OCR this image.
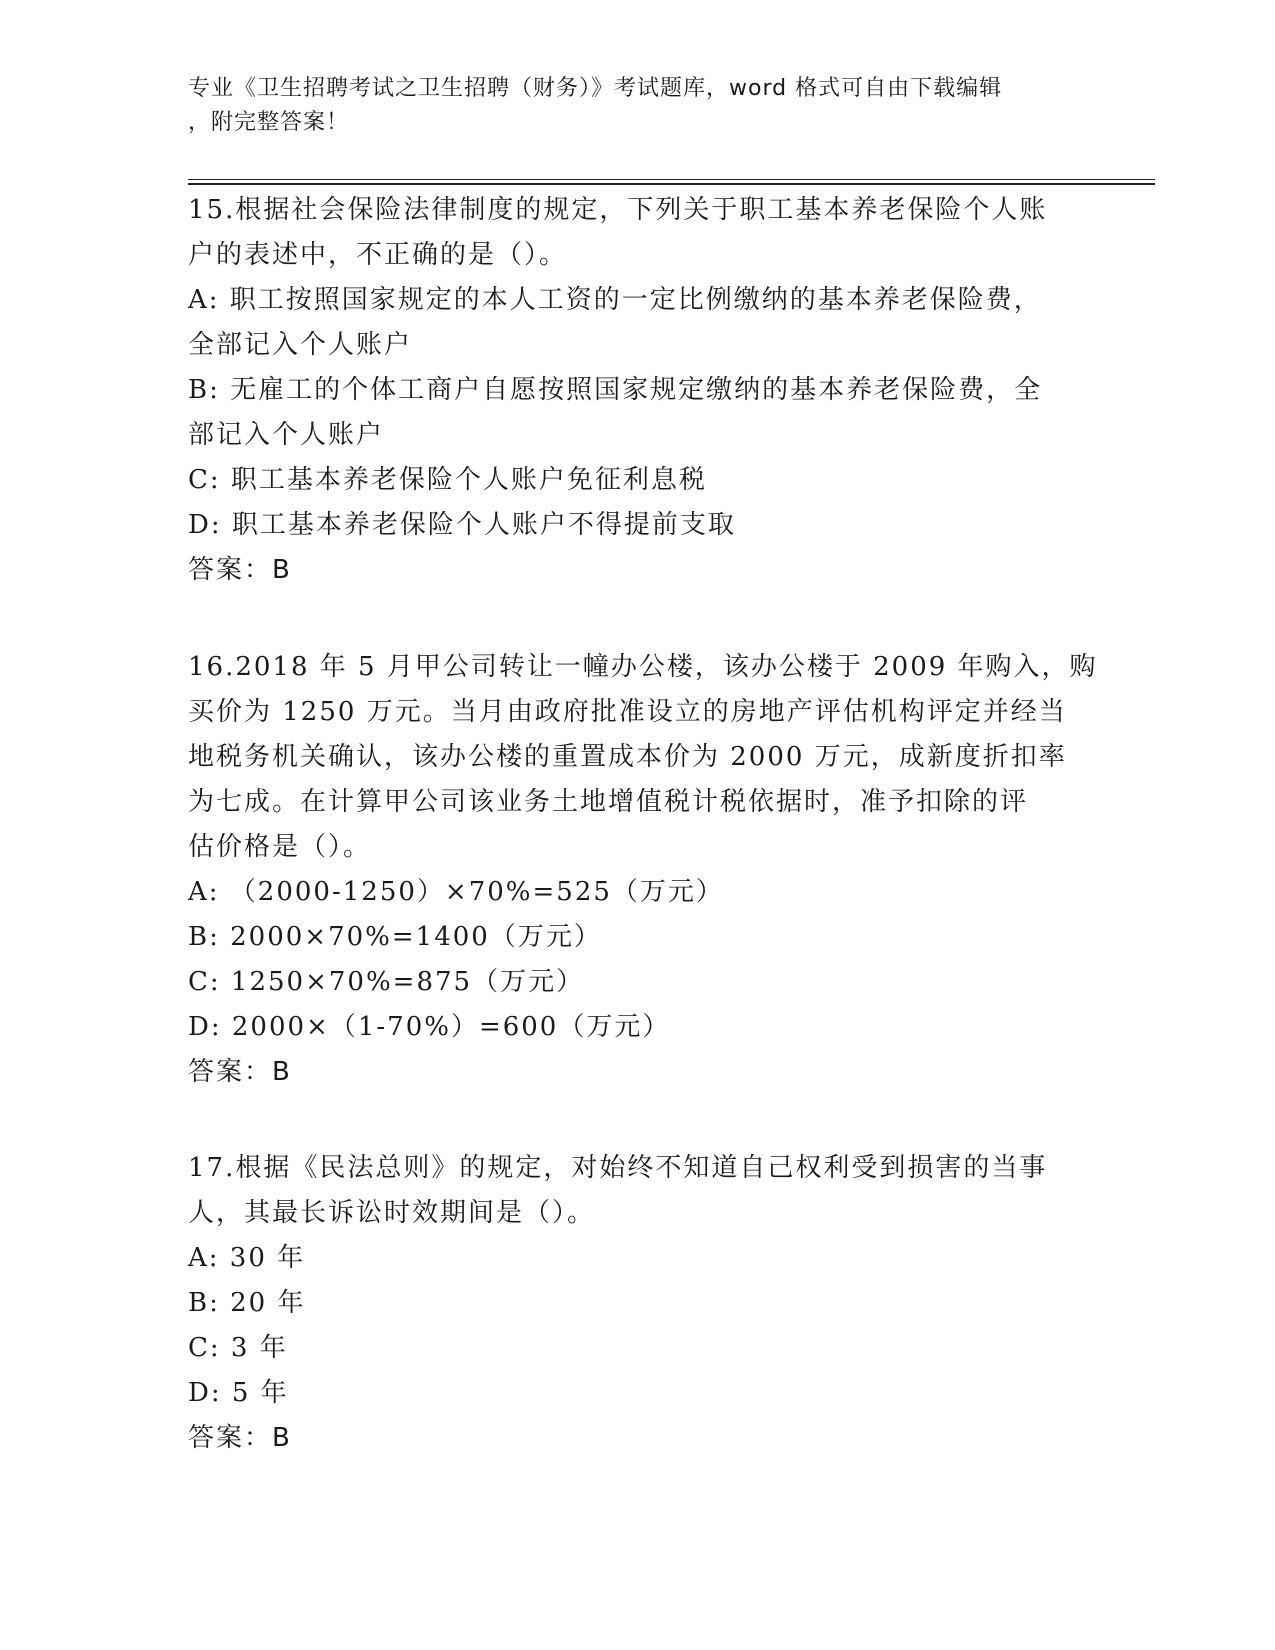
专业《卫生招聘考试之卫生招聘（财务）》考试题库，word 格式可自由下载编辑
，附完整答案！
15.根据社会保险法律制度的规定，下列关于职工基本养老保险个人账
户的表述中，不正确的是（）。
A: 职工按照国家规定的本人工资的一定比例缴纳的基本养老保险费，
全部记入个人账户
B: 无雇工的个体工商户自愿按照国家规定缴纳的基本养老保险费，全
部记入个人账户
C: 职工基本养老保险个人账户免征利息税
D: 职工基本养老保险个人账户不得提前支取
答案：B
16.2018 年 5 月甲公司转让一幢办公楼，该办公楼于 2009 年购入，购
买价为 1250 万元。当月由政府批准设立的房地产评估机构评定并经当
地税务机关确认，该办公楼的重置成本价为 2000 万元，成新度折扣率
为七成。在计算甲公司该业务土地增值税计税依据时，准予扣除的评
估价格是（）。
A: （2000-1250）×70%=525（万元）
B: 2000×70%=1400（万元）
C: 1250×70%=875（万元）
D: 2000×（1-70%）=600（万元）
答案：B
17.根据《民法总则》的规定，对始终不知道自己权利受到损害的当事
人，其最长诉讼时效期间是（）。
A: 30 年
B: 20 年
C: 3 年
D: 5 年
答案：B
